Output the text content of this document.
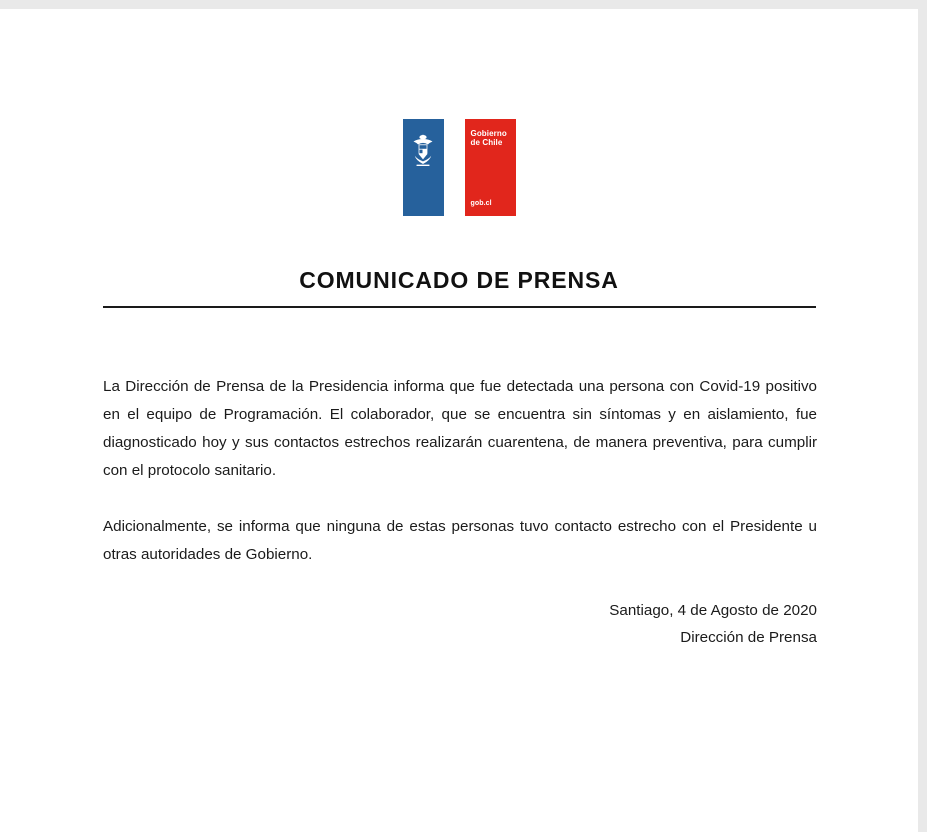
Gobierno
de Chile
gob.cl
COMUNICADO DE PRENSA

La Dirección de Prensa de la Presidencia informa que fue detectada una persona con Covid-19 positivo en el equipo de Programación. El colaborador, que se encuentra sin síntomas y en aislamiento, fue diagnosticado hoy y sus contactos estrechos realizarán cuarentena, de manera preventiva, para cumplir con el protocolo sanitario.

Adicionalmente, se informa que ninguna de estas personas tuvo contacto estrecho con el Presidente u otras autoridades de Gobierno.

Santiago, 4 de Agosto de 2020
Dirección de Prensa
